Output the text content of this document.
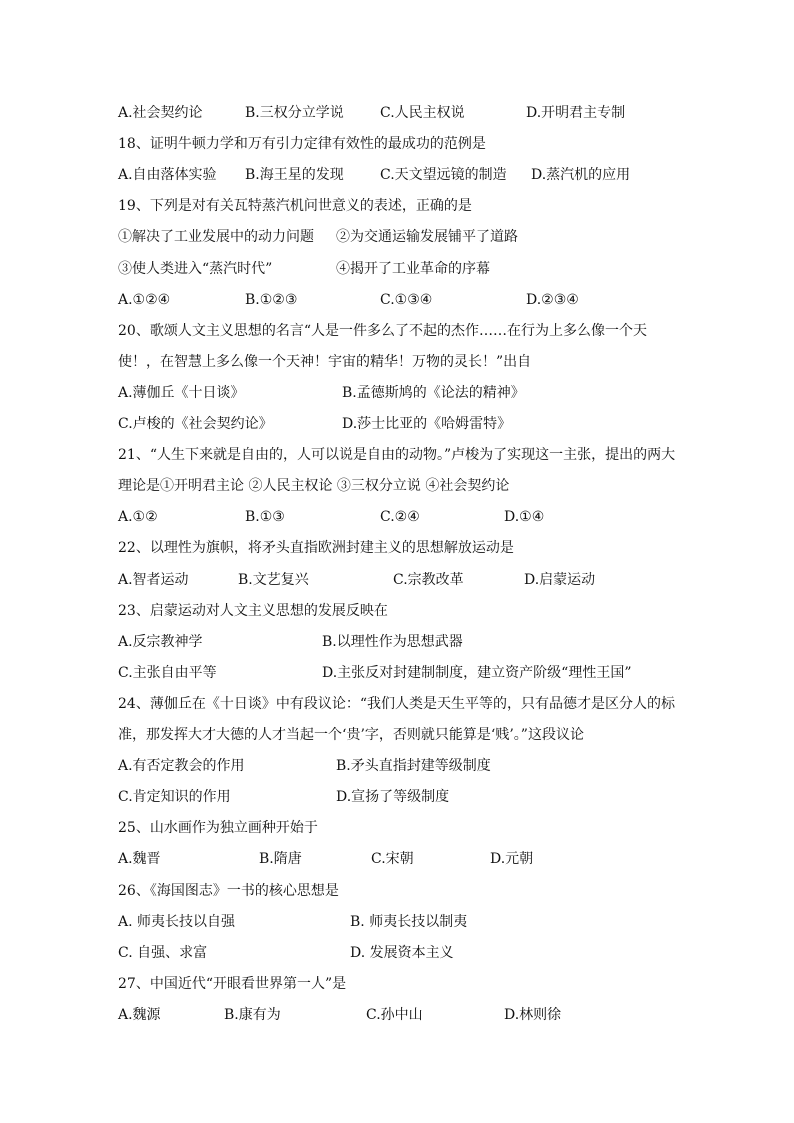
A.社会契约论	B.三权分立学说	C.人民主权说	D.开明君主专制
18、证明牛顿力学和万有引力定律有效性的最成功的范例是
A.自由落体实验 B.海王星的发现	C.天文望远镜的制造 D.蒸汽机的应用
19、下列是对有关瓦特蒸汽机问世意义的表述，正确的是
①解决了工业发展中的动力问题 ②为交通运输发展铺平了道路
③使人类进入“蒸汽时代”	④揭开了工业革命的序幕
A.①②④	B.①②③	C.①③④	D.②③④
20、歌颂人文主义思想的名言“人是一件多么了不起的杰作……在行为上多么像一个天
使！，在智慧上多么像一个天神！宇宙的精华！万物的灵长！”出自
A.薄伽丘《十日谈》	B.孟德斯鸠的《论法的精神》
C.卢梭的《社会契约论》	D.莎士比亚的《哈姆雷特》
21、“人生下来就是自由的，人可以说是自由的动物。”卢梭为了实现这一主张，提出的两大
理论是①开明君主论 ②人民主权论 ③三权分立说 ④社会契约论
A.①②	B.①③	C.②④	D.①④
22、以理性为旗帜，将矛头直指欧洲封建主义的思想解放运动是
A.智者运动	B.文艺复兴	C.宗教改革	D.启蒙运动
23、启蒙运动对人文主义思想的发展反映在
A.反宗教神学	B.以理性作为思想武器
C.主张自由平等	D.主张反对封建制制度，建立资产阶级“理性王国”
24、薄伽丘在《十日谈》中有段议论：“我们人类是天生平等的，只有品德才是区分人的标
准，那发挥大才大德的人才当起一个‘贵’字，否则就只能算是‘贱’。”这段议论
A.有否定教会的作用	B.矛头直指封建等级制度
C.肯定知识的作用	D.宣扬了等级制度
25、山水画作为独立画种开始于
A.魏晋	B.隋唐	C.宋朝	D.元朝
26、《海国图志》一书的核心思想是
A. 师夷长技以自强	B. 师夷长技以制夷
C. 自强、求富	D. 发展资本主义
27、中国近代“开眼看世界第一人”是
A.魏源	B.康有为	C.孙中山	D.林则徐
